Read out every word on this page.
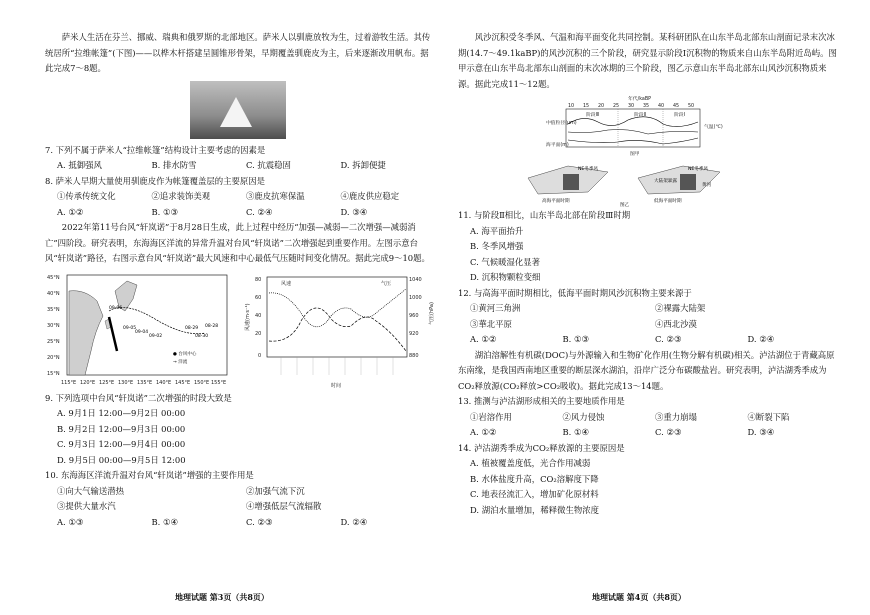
萨米人生活在芬兰、挪威、瑞典和俄罗斯的北部地区。萨米人以驯鹿放牧为生，过着游牧生活。其传统居所“拉维帐篷”(下图)——以桦木杆搭建呈圆锥形骨架，早期覆盖驯鹿皮为主，后来逐渐改用帆布。据此完成7～8题。

7. 下列不属于萨米人“拉维帐篷”结构设计主要考虑的因素是

A. 抵御强风	B. 排水防雪	C. 抗震稳固	D. 拆卸便捷

8. 萨米人早期大量使用驯鹿皮作为帐篷覆盖层的主要原因是

①传承传统文化	②追求装饰美观	③鹿皮抗寒保温	④鹿皮供应稳定
A. ①②	B. ①③	C. ②④	D. ③④

2022年第11号台风“轩岚诺”于8月28日生成，此上过程中经历“加强—减弱—二次增强—减弱消亡”四阶段。研究表明，东海海区洋流的异常升温对台风“轩岚诺”二次增强起到重要作用。左图示意台风“轩岚诺”路径，右图示意台风“轩岚诺”最大风速和中心最低气压随时间变化情况。据此完成9～10题。

45°N
40°N
35°N
30°N
25°N
20°N
15°N
115°E 120°E 125°E 130°E 135°E 140°E 145°E 150°E 155°E
09-06
09-05
09-04
09-02
08-29 08-28
08-30
● 台风中心
→ 洋流
80
60
40
20
0
1040
1000
960
920
880
风速	气压
时间
风速(m·s⁻¹)	气压(hPa)

9. 下列选项中台风“轩岚诺”二次增强的时段大致是

A. 9月1日 12:00—9月2日 00:00

B. 9月2日 12:00—9月3日 00:00

C. 9月3日 12:00—9月4日 00:00

D. 9月5日 00:00—9月5日 12:00

10. 东海海区洋流升温对台风“轩岚诺”增强的主要作用是

①向大气输送潜热	②加强气流下沉
③提供大量水汽	④增强低层气流辐散
A. ①③	B. ①④	C. ②③	D. ②④

风沙沉积受冬季风、气温和海平面变化共同控制。某科研团队在山东半岛北部东山剖面记录末次冰期(14.7～49.1kaBP)的风沙沉积的三个阶段，研究显示阶段Ⅰ沉积物的物质来自山东半岛附近岛屿。图甲示意在山东半岛北部东山剖面的末次冰期的三个阶段，图乙示意山东半岛北部东山风沙沉积物质来源。据此完成11～12题。

年代/kaBP
10 15 20 25 30 35 40 45 50
阶段Ⅲ	阶段Ⅱ	阶段Ⅰ
中值粒径(μm)
气温(℃)
海平面(m)
图甲
NE冬季风	NE冬季风
大陆架暴露
黄河
高海平面时期	低海平面时期
图乙

11. 与阶段Ⅱ相比，山东半岛北部在阶段Ⅲ时期

A. 海平面抬升

B. 冬季风增强

C. 气候暖湿化显著

D. 沉积物颗粒变细

12. 与高海平面时期相比，低海平面时期风沙沉积物主要来源于

①黄河三角洲	②裸露大陆架
③華北平原	④西北沙漠
A. ①②	B. ①③	C. ②③	D. ②④

湖泊溶解性有机碳(DOC)与外源输入和生物矿化作用(生物分解有机碳)相关。泸沽湖位于青藏高原东南缘，是我国西南地区重要的断层深水湖泊，沿岸广泛分布碳酸盐岩。研究表明，泸沽湖秀季成为CO₂释放源(CO₂释放>CO₂吸收)。据此完成13～14题。

13. 推测与泸沽湖形成相关的主要地质作用是

①岩溶作用	②风力侵蚀	③重力崩塌	④断裂下陷
A. ①②	B. ①④	C. ②③	D. ③④

14. 泸沽湖秀季成为CO₂释放源的主要原因是

A. 植被覆盖度低，光合作用减弱

B. 水体盐度升高，CO₂溶解度下降

C. 地表径流汇入，增加矿化原材料

D. 湖泊水量增加，稀释微生物浓度

地理试题 第3页（共8页）	地理试题 第4页（共8页）
